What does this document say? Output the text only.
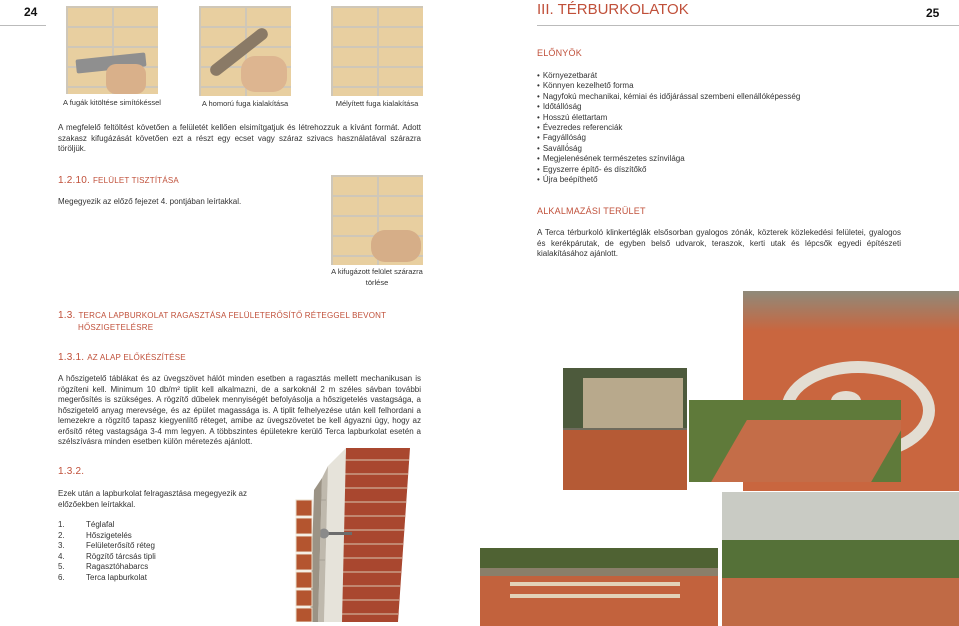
24
A fugák kitöltése simítókéssel	A homorú fuga kialakítása	Mélyített fuga kialakítása
A megfelelő feltöltést követően a felületét kellően elsimítgatjuk és létrehozzuk a kívánt formát. Adott szakasz kifugázását követően ezt a részt egy ecset vagy száraz szivacs használatával szárazra töröljük.
1.2.10. FELÜLET TISZTÍTÁSA
Megegyezik az előző fejezet 4. pontjában leírtakkal.
A kifugázott felület szárazra
törlése
1.3. TERCA LAPBURKOLAT RAGASZTÁSA FELÜLETERŐSÍTŐ RÉTEGGEL BEVONT
HŐSZIGETELÉSRE
1.3.1. AZ ALAP ELŐKÉSZÍTÉSE
A hőszigetelő táblákat és az üvegszövet hálót minden esetben a ragasztás mellett mechanikusan is rögzíteni kell. Minimum 10 db/m² tiplit kell alkalmazni, de a sarkoknál 2 m széles sávban további megerősítés is szükséges. A rögzítő dűbelek mennyiségét befolyásolja a hőszigetelés vastagsága, a hőszigetelő anyag merevsége, és az épület magassága is. A tiplit felhelyezése után kell felhordani a lemezekre a rögzítő tapasz kiegyenlítő réteget, amibe az üvegszövetet be kell ágyazni úgy, hogy az erősítő réteg vastagsága 3-4 mm legyen. A többszintes épületekre kerülő Terca lapburkolat esetén a szélszívásra minden esetben külön méretezés ajánlott.
1.3.2.
Ezek után a lapburkolat felragasztása megegyezik az előzőekben leírtakkal.
1.	Téglafal
2.	Hőszigetelés
3.	Felületerősítő réteg
4.	Rögzítő tárcsás tipli
5.	Ragasztóhabarcs
6.	Terca lapburkolat
III. TÉRBURKOLATOK	25
ELŐNYÖK
• Környezetbarát
• Könnyen kezelhető forma
• Nagyfokú mechanikai, kémiai és időjárással szembeni ellenállóképesség
• Időtállóság
• Hosszú élettartam
• Évezredes referenciák
• Fagyállóság
• Saválló́ság
• Megjelenésének természetes színvilága
• Egyszerre építő- és díszítőkő
• Újra beépíthető
ALKALMAZÁSI TERÜLET
A Terca térburkoló klinkertéglák elsősorban gyalogos zónák, közterek közlekedési felületei, gyalogos és kerékpárutak, de egyben belső udvarok, teraszok, kerti utak és lépcsők egyedi építészeti kialakításához ajánlott.
